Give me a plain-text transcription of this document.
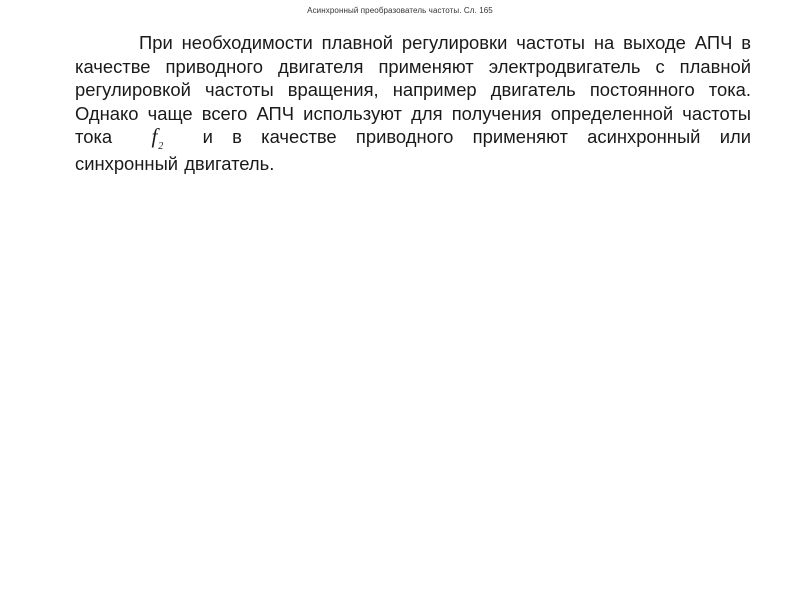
Асинхронный преобразователь частоты. Сл. 165
При необходимости плавной регулировки частоты на выходе АПЧ в качестве приводного двигателя применяют электродвигатель с плавной регулировкой частоты вращения, например двигатель постоянного тока. Однако чаще всего АПЧ используют для получения определенной частоты тока $f_2$ и в качестве приводного применяют асинхронный или синхронный двигатель.
